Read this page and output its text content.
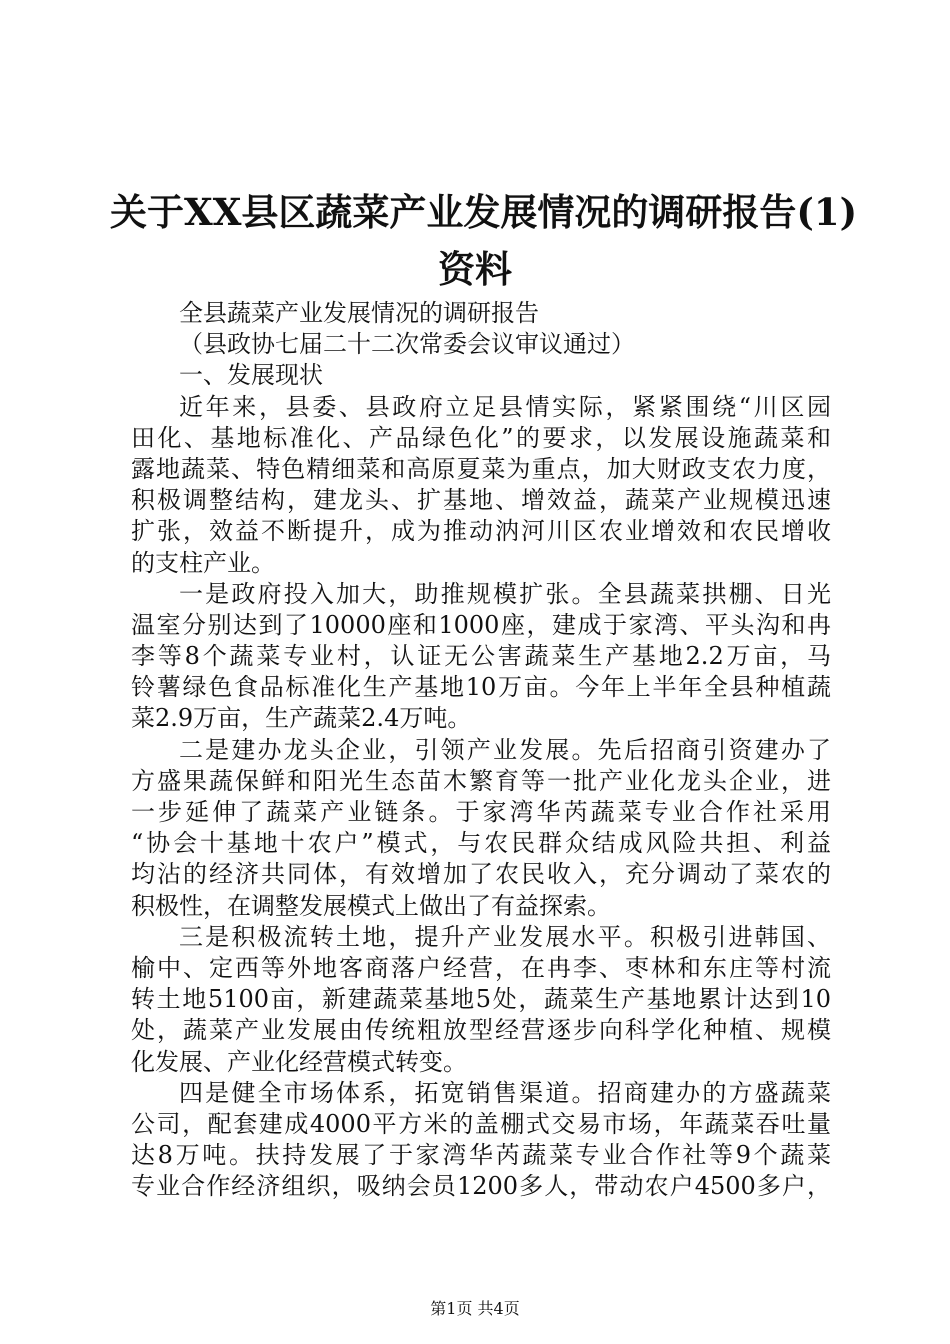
关于XX县区蔬菜产业发展情况的调研报告(1)
资料
全县蔬菜产业发展情况的调研报告
（县政协七届二十二次常委会议审议通过）
一、发展现状
近年来，县委、县政府立足县情实际，紧紧围绕“川区园
田化、基地标准化、产品绿色化”的要求，以发展设施蔬菜和
露地蔬菜、特色精细菜和高原夏菜为重点，加大财政支农力度，
积极调整结构，建龙头、扩基地、增效益，蔬菜产业规模迅速
扩张，效益不断提升，成为推动汭河川区农业增效和农民增收
的支柱产业。
一是政府投入加大，助推规模扩张。全县蔬菜拱棚、日光
温室分别达到了10000座和1000座，建成于家湾、平头沟和冉
李等8个蔬菜专业村，认证无公害蔬菜生产基地2.2万亩，马
铃薯绿色食品标准化生产基地10万亩。今年上半年全县种植蔬
菜2.9万亩，生产蔬菜2.4万吨。
二是建办龙头企业，引领产业发展。先后招商引资建办了
方盛果蔬保鲜和阳光生态苗木繁育等一批产业化龙头企业，进
一步延伸了蔬菜产业链条。于家湾华芮蔬菜专业合作社采用
“协会十基地十农户”模式，与农民群众结成风险共担、利益
均沾的经济共同体，有效增加了农民收入，充分调动了菜农的
积极性，在调整发展模式上做出了有益探索。
三是积极流转土地，提升产业发展水平。积极引进韩国、
榆中、定西等外地客商落户经营，在冉李、枣林和东庄等村流
转土地5100亩，新建蔬菜基地5处，蔬菜生产基地累计达到10
处，蔬菜产业发展由传统粗放型经营逐步向科学化种植、规模
化发展、产业化经营模式转变。
四是健全市场体系，拓宽销售渠道。招商建办的方盛蔬菜
公司，配套建成4000平方米的盖棚式交易市场，年蔬菜吞吐量
达8万吨。扶持发展了于家湾华芮蔬菜专业合作社等9个蔬菜
专业合作经济组织，吸纳会员1200多人，带动农户4500多户，
第1页 共4页
